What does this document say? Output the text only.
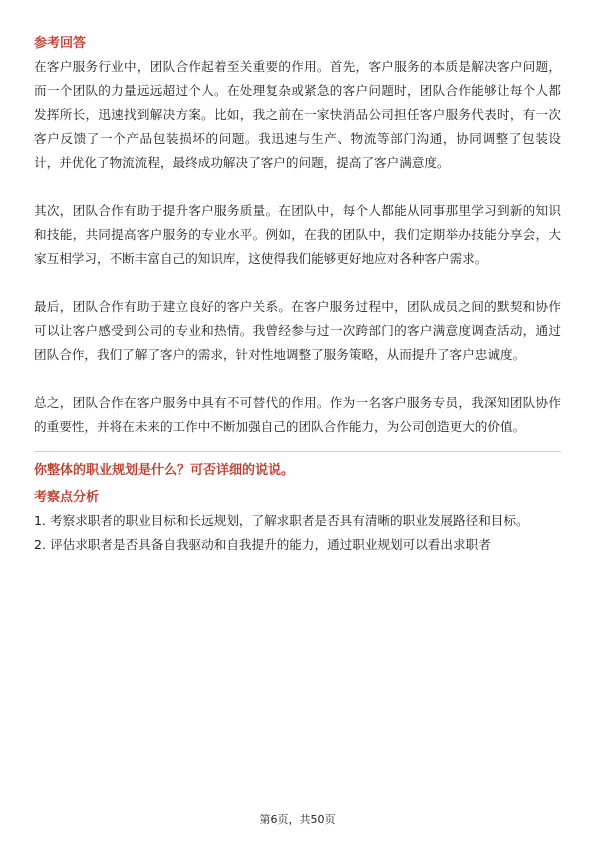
参考回答

在客户服务行业中，团队合作起着至关重要的作用。首先，客户服务的本质是解决客户问题，而一个团队的力量远远超过个人。在处理复杂或紧急的客户问题时，团队合作能够让每个人都发挥所长，迅速找到解决方案。比如，我之前在一家快消品公司担任客户服务代表时，有一次客户反馈了一个产品包装损坏的问题。我迅速与生产、物流等部门沟通，协同调整了包装设计，并优化了物流流程，最终成功解决了客户的问题，提高了客户满意度。

其次，团队合作有助于提升客户服务质量。在团队中，每个人都能从同事那里学习到新的知识和技能，共同提高客户服务的专业水平。例如，在我的团队中，我们定期举办技能分享会，大家互相学习，不断丰富自己的知识库，这使得我们能够更好地应对各种客户需求。

最后，团队合作有助于建立良好的客户关系。在客户服务过程中，团队成员之间的默契和协作可以让客户感受到公司的专业和热情。我曾经参与过一次跨部门的客户满意度调查活动，通过团队合作，我们了解了客户的需求，针对性地调整了服务策略，从而提升了客户忠诚度。

总之，团队合作在客户服务中具有不可替代的作用。作为一名客户服务专员，我深知团队协作的重要性，并将在未来的工作中不断加强自己的团队合作能力，为公司创造更大的价值。

你整体的职业规划是什么？可否详细的说说。
考察点分析

1. 考察求职者的职业目标和长远规划，了解求职者是否具有清晰的职业发展路径和目标。

2. 评估求职者是否具备自我驱动和自我提升的能力，通过职业规划可以看出求职者

第6页，共50页
